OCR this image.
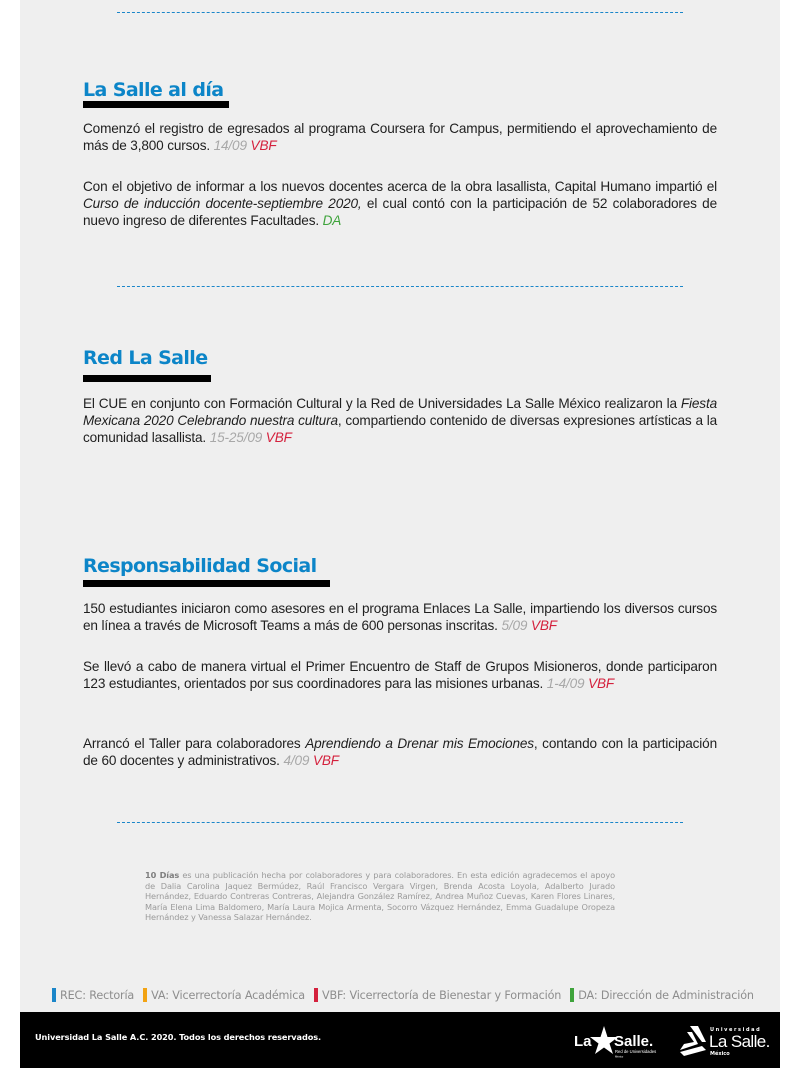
La Salle al día

Comenzó el registro de egresados al programa Coursera for Campus, permitiendo el aprovechamiento de más de 3,800 cursos. 14/09 VBF

Con el objetivo de informar a los nuevos docentes acerca de la obra lasallista, Capital Humano impartió el Curso de inducción docente-septiembre 2020, el cual contó con la participación de 52 colaboradores de nuevo ingreso de diferentes Facultades. DA

Red La Salle

El CUE en conjunto con Formación Cultural y la Red de Universidades La Salle México realizaron la Fiesta Mexicana 2020 Celebrando nuestra cultura, compartiendo contenido de diversas expresiones artísticas a la comunidad lasallista. 15-25/09 VBF

Responsabilidad Social

150 estudiantes iniciaron como asesores en el programa Enlaces La Salle, impartiendo los diversos cursos en línea a través de Microsoft Teams a más de 600 personas inscritas. 5/09 VBF

Se llevó a cabo de manera virtual el Primer Encuentro de Staff de Grupos Misioneros, donde participaron 123 estudiantes, orientados por sus coordinadores para las misiones urbanas. 1-4/09 VBF

Arrancó el Taller para colaboradores Aprendiendo a Drenar mis Emociones, contando con la participación de 60 docentes y administrativos. 4/09 VBF

10 Días es una publicación hecha por colaboradores y para colaboradores. En esta edición agradecemos el apoyo de Dalia Carolina Jaquez Bermúdez, Raúl Francisco Vergara Virgen, Brenda Acosta Loyola, Adalberto Jurado Hernández, Eduardo Contreras Contreras, Alejandra González Ramírez, Andrea Muñoz Cuevas, Karen Flores Linares, María Elena Lima Baldomero, María Laura Mojica Armenta, Socorro Vázquez Hernández, Emma Guadalupe Oropeza Hernández y Vanessa Salazar Hernández.

REC: Rectoría VA: Vicerrectoría Académica VBF: Vicerrectoría de Bienestar y Formación DA: Dirección de Administración

Universidad La Salle A.C. 2020. Todos los derechos reservados.	La Salle.
Red de Universidades
México
Universidad
La Salle.
México
